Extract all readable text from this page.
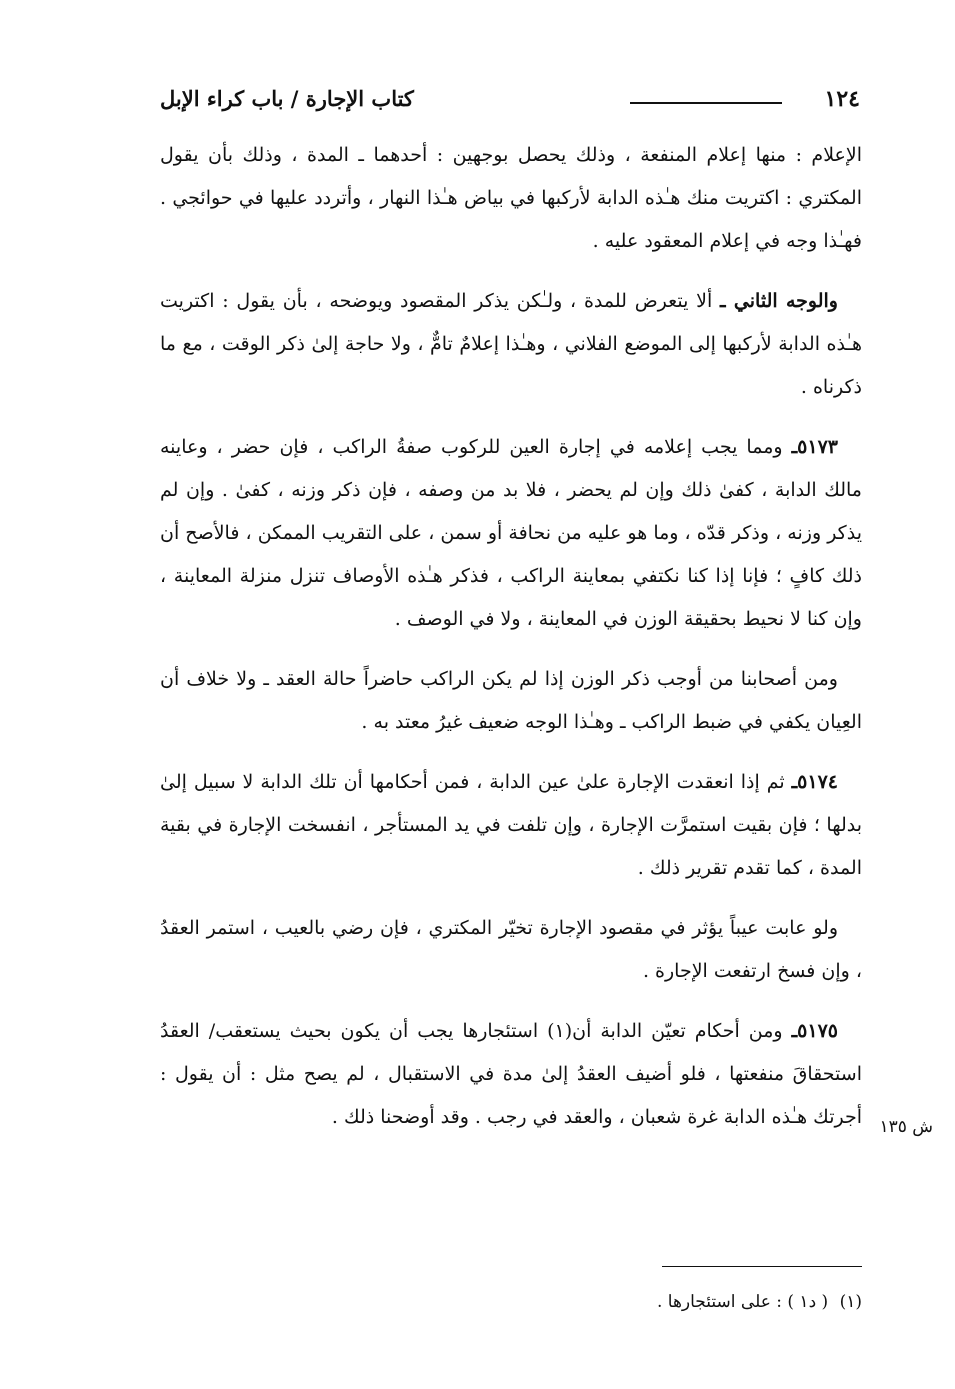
١٢٤
كتاب الإجارة / باب كراء الإبل

الإعلام : منها إعلام المنفعة ، وذلك يحصل بوجهين : أحدهما ـ المدة ، وذلك بأن يقول المكتري : اكتريت منك هـٰذه الدابة لأركبها في بياض هـٰذا النهار ، وأتردد عليها في حوائجي . فهـٰذا وجه في إعلام المعقود عليه .

والوجه الثاني ـ ألا يتعرض للمدة ، ولـٰكن يذكر المقصود ويوضحه ، بأن يقول : اكتريت هـٰذه الدابة لأركبها إلى الموضع الفلاني ، وهـٰذا إعلامٌ تامٌّ ، ولا حاجة إلىٰ ذكر الوقت ، مع ما ذكرناه .

٥١٧٣ـ ومما يجب إعلامه في إجارة العين للركوب صفةُ الراكب ، فإن حضر ، وعاينه مالك الدابة ، كفىٰ ذلك وإن لم يحضر ، فلا بد من وصفه ، فإن ذكر وزنه ، كفىٰ . وإن لم يذكر وزنه ، وذكر قدّه ، وما هو عليه من نحافة أو سمن ، على التقريب الممكن ، فالأصح أن ذلك كافٍ ؛ فإنا إذا كنا نكتفي بمعاينة الراكب ، فذكر هـٰذه الأوصاف تنزل منزلة المعاينة ، وإن كنا لا نحيط بحقيقة الوزن في المعاينة ، ولا في الوصف .

ومن أصحابنا من أوجب ذكر الوزن إذا لم يكن الراكب حاضراً حالة العقد ـ ولا خلاف أن العِيان يكفي في ضبط الراكب ـ وهـٰذا الوجه ضعيف غيرُ معتد به .

٥١٧٤ـ ثم إذا انعقدت الإجارة علىٰ عين الدابة ، فمن أحكامها أن تلك الدابة لا سبيل إلىٰ بدلها ؛ فإن بقيت استمرَّت الإجارة ، وإن تلفت في يد المستأجر ، انفسخت الإجارة في بقية المدة ، كما تقدم تقرير ذلك .

ولو عابت عيباً يؤثر في مقصود الإجارة تخيّر المكتري ، فإن رضي بالعيب ، استمر العقدُ ، وإن فسخ ارتفعت الإجارة .

٥١٧٥ـ ومن أحكام تعيّن الدابة أن(١) استئجارها يجب أن يكون بحيث يستعقب/ العقدُ استحقاقَ منفعتها ، فلو أضيف العقدُ إلىٰ مدة في الاستقبال ، لم يصح مثل : أن يقول : أجرتك هـٰذه الدابة غرة شعبان ، والعقد في رجب . وقد أوضحنا ذلك . ش ١٣٥
(١) ( د١ ) : على استئجارها .
